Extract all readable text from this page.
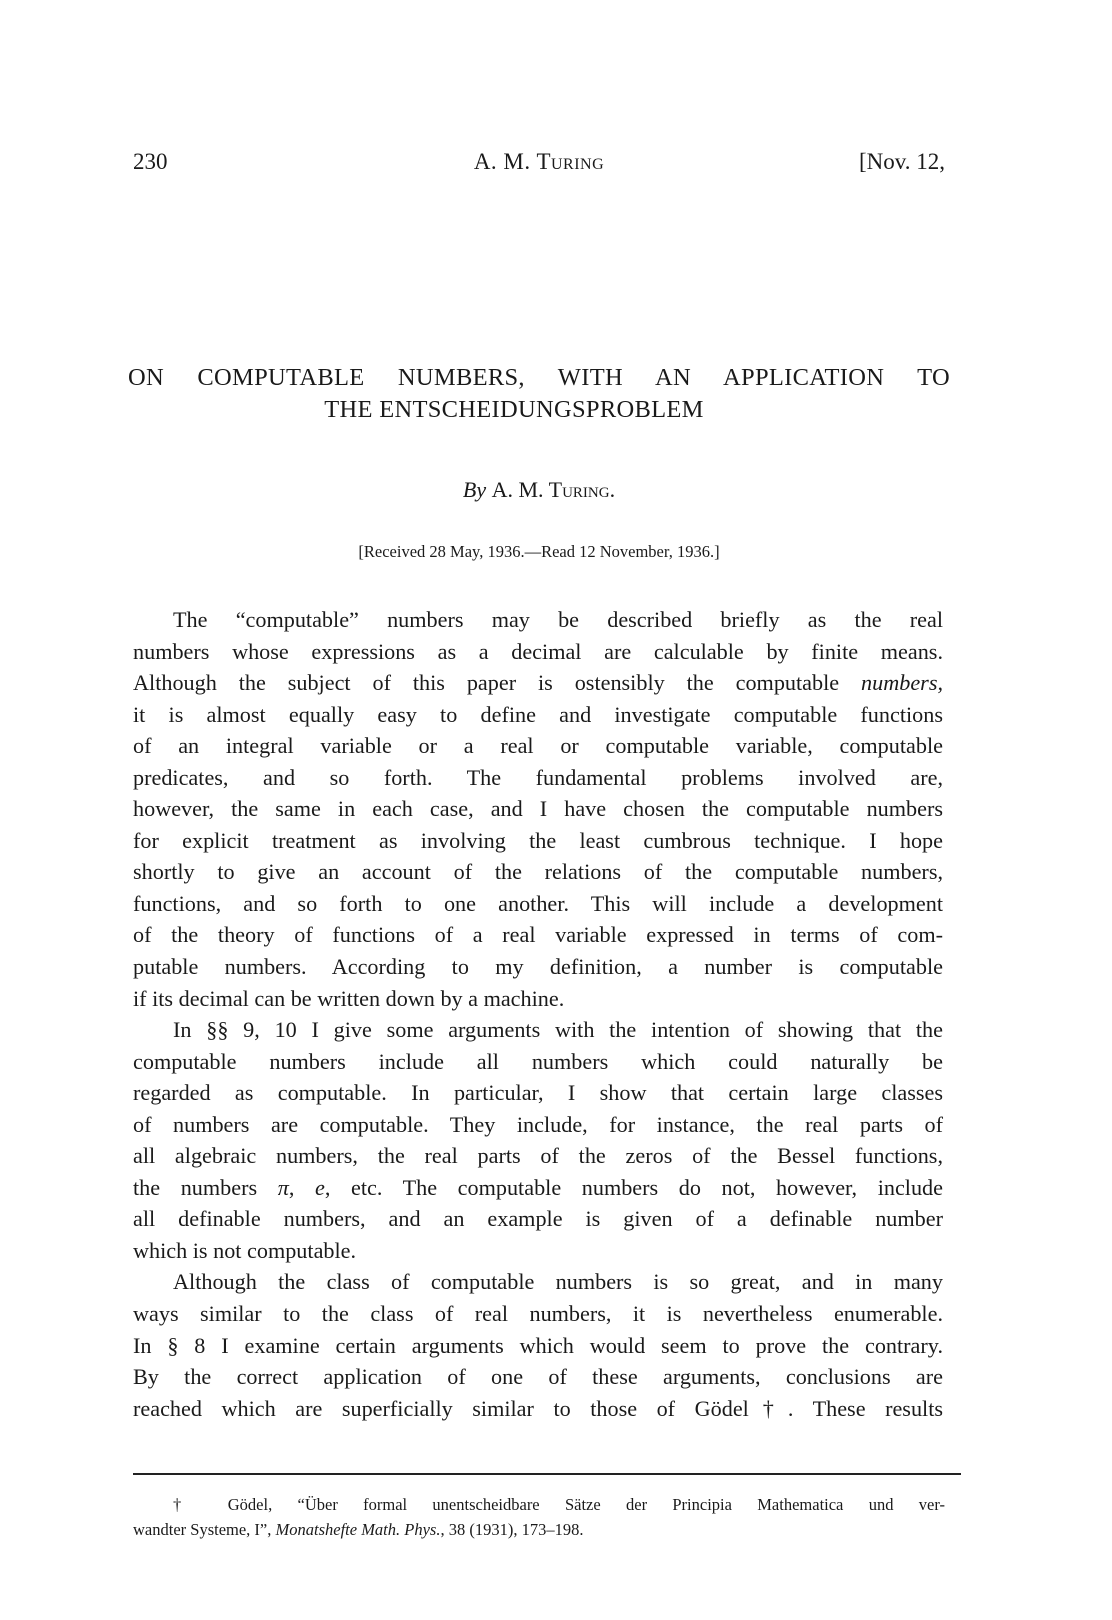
230	A. M. Turing	[Nov. 12,
ON COMPUTABLE NUMBERS, WITH AN APPLICATION TO
THE ENTSCHEIDUNGSPROBLEM
By A. M. Turing.
[Received 28 May, 1936.—Read 12 November, 1936.]
The “computable” numbers may be described briefly as the real
numbers whose expressions as a decimal are calculable by finite means.
Although the subject of this paper is ostensibly the computable numbers,
it is almost equally easy to define and investigate computable functions
of an integral variable or a real or computable variable, computable
predicates, and so forth. The fundamental problems involved are,
however, the same in each case, and I have chosen the computable numbers
for explicit treatment as involving the least cumbrous technique. I hope
shortly to give an account of the relations of the computable numbers,
functions, and so forth to one another. This will include a development
of the theory of functions of a real variable expressed in terms of com-
putable numbers. According to my definition, a number is computable
if its decimal can be written down by a machine.
In §§ 9, 10 I give some arguments with the intention of showing that the
computable numbers include all numbers which could naturally be
regarded as computable. In particular, I show that certain large classes
of numbers are computable. They include, for instance, the real parts of
all algebraic numbers, the real parts of the zeros of the Bessel functions,
the numbers π, e, etc. The computable numbers do not, however, include
all definable numbers, and an example is given of a definable number
which is not computable.
Although the class of computable numbers is so great, and in many
ways similar to the class of real numbers, it is nevertheless enumerable.
In § 8 I examine certain arguments which would seem to prove the contrary.
By the correct application of one of these arguments, conclusions are
reached which are superficially similar to those of Gödel†. These results
† Gödel, “Über formal unentscheidbare Sätze der Principia Mathematica und ver-
wandter Systeme, I”, Monatshefte Math. Phys., 38 (1931), 173–198.
